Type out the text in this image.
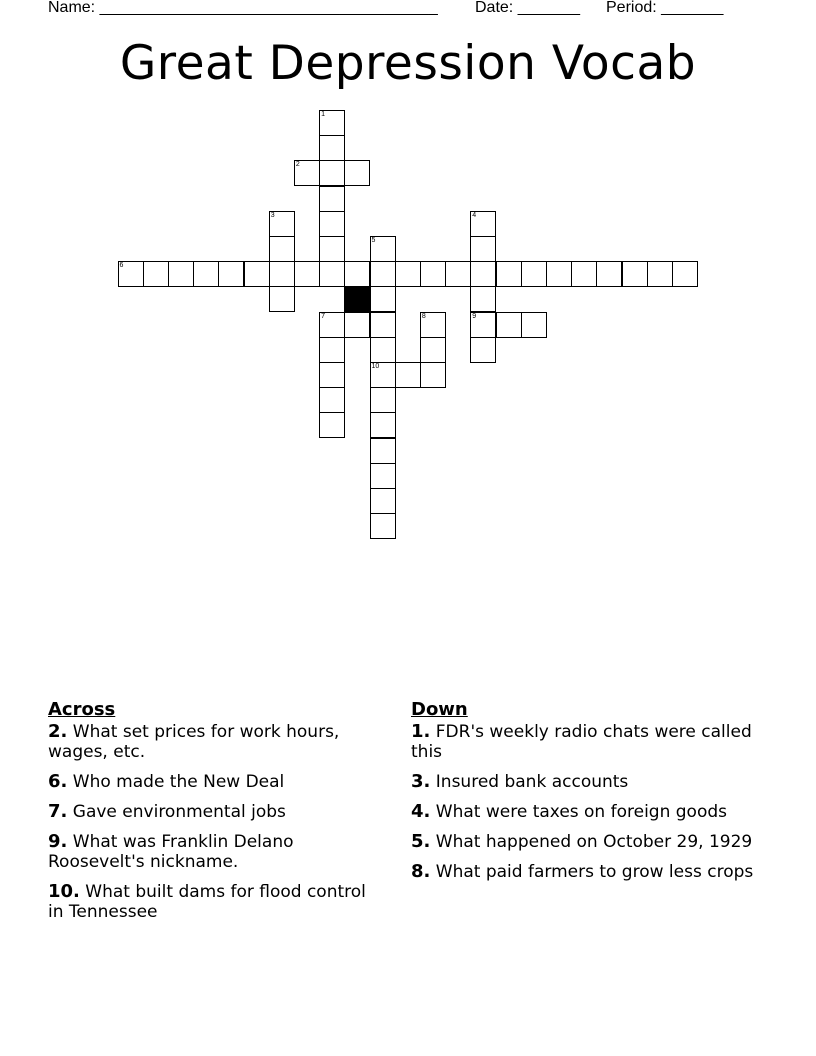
Name: ______________________________________ Date: _______ Period: _______
Great Depression Vocab
1
2
3	4
9
5
10
6
7	8
Across
2. What set prices for work hours, wages, etc.
6. Who made the New Deal
7. Gave environmental jobs
9. What was Franklin Delano Roosevelt's nickname.
10. What built dams for flood control in Tennessee
Down
1. FDR's weekly radio chats were called this
3. Insured bank accounts
4. What were taxes on foreign goods
5. What happened on October 29, 1929
8. What paid farmers to grow less crops
